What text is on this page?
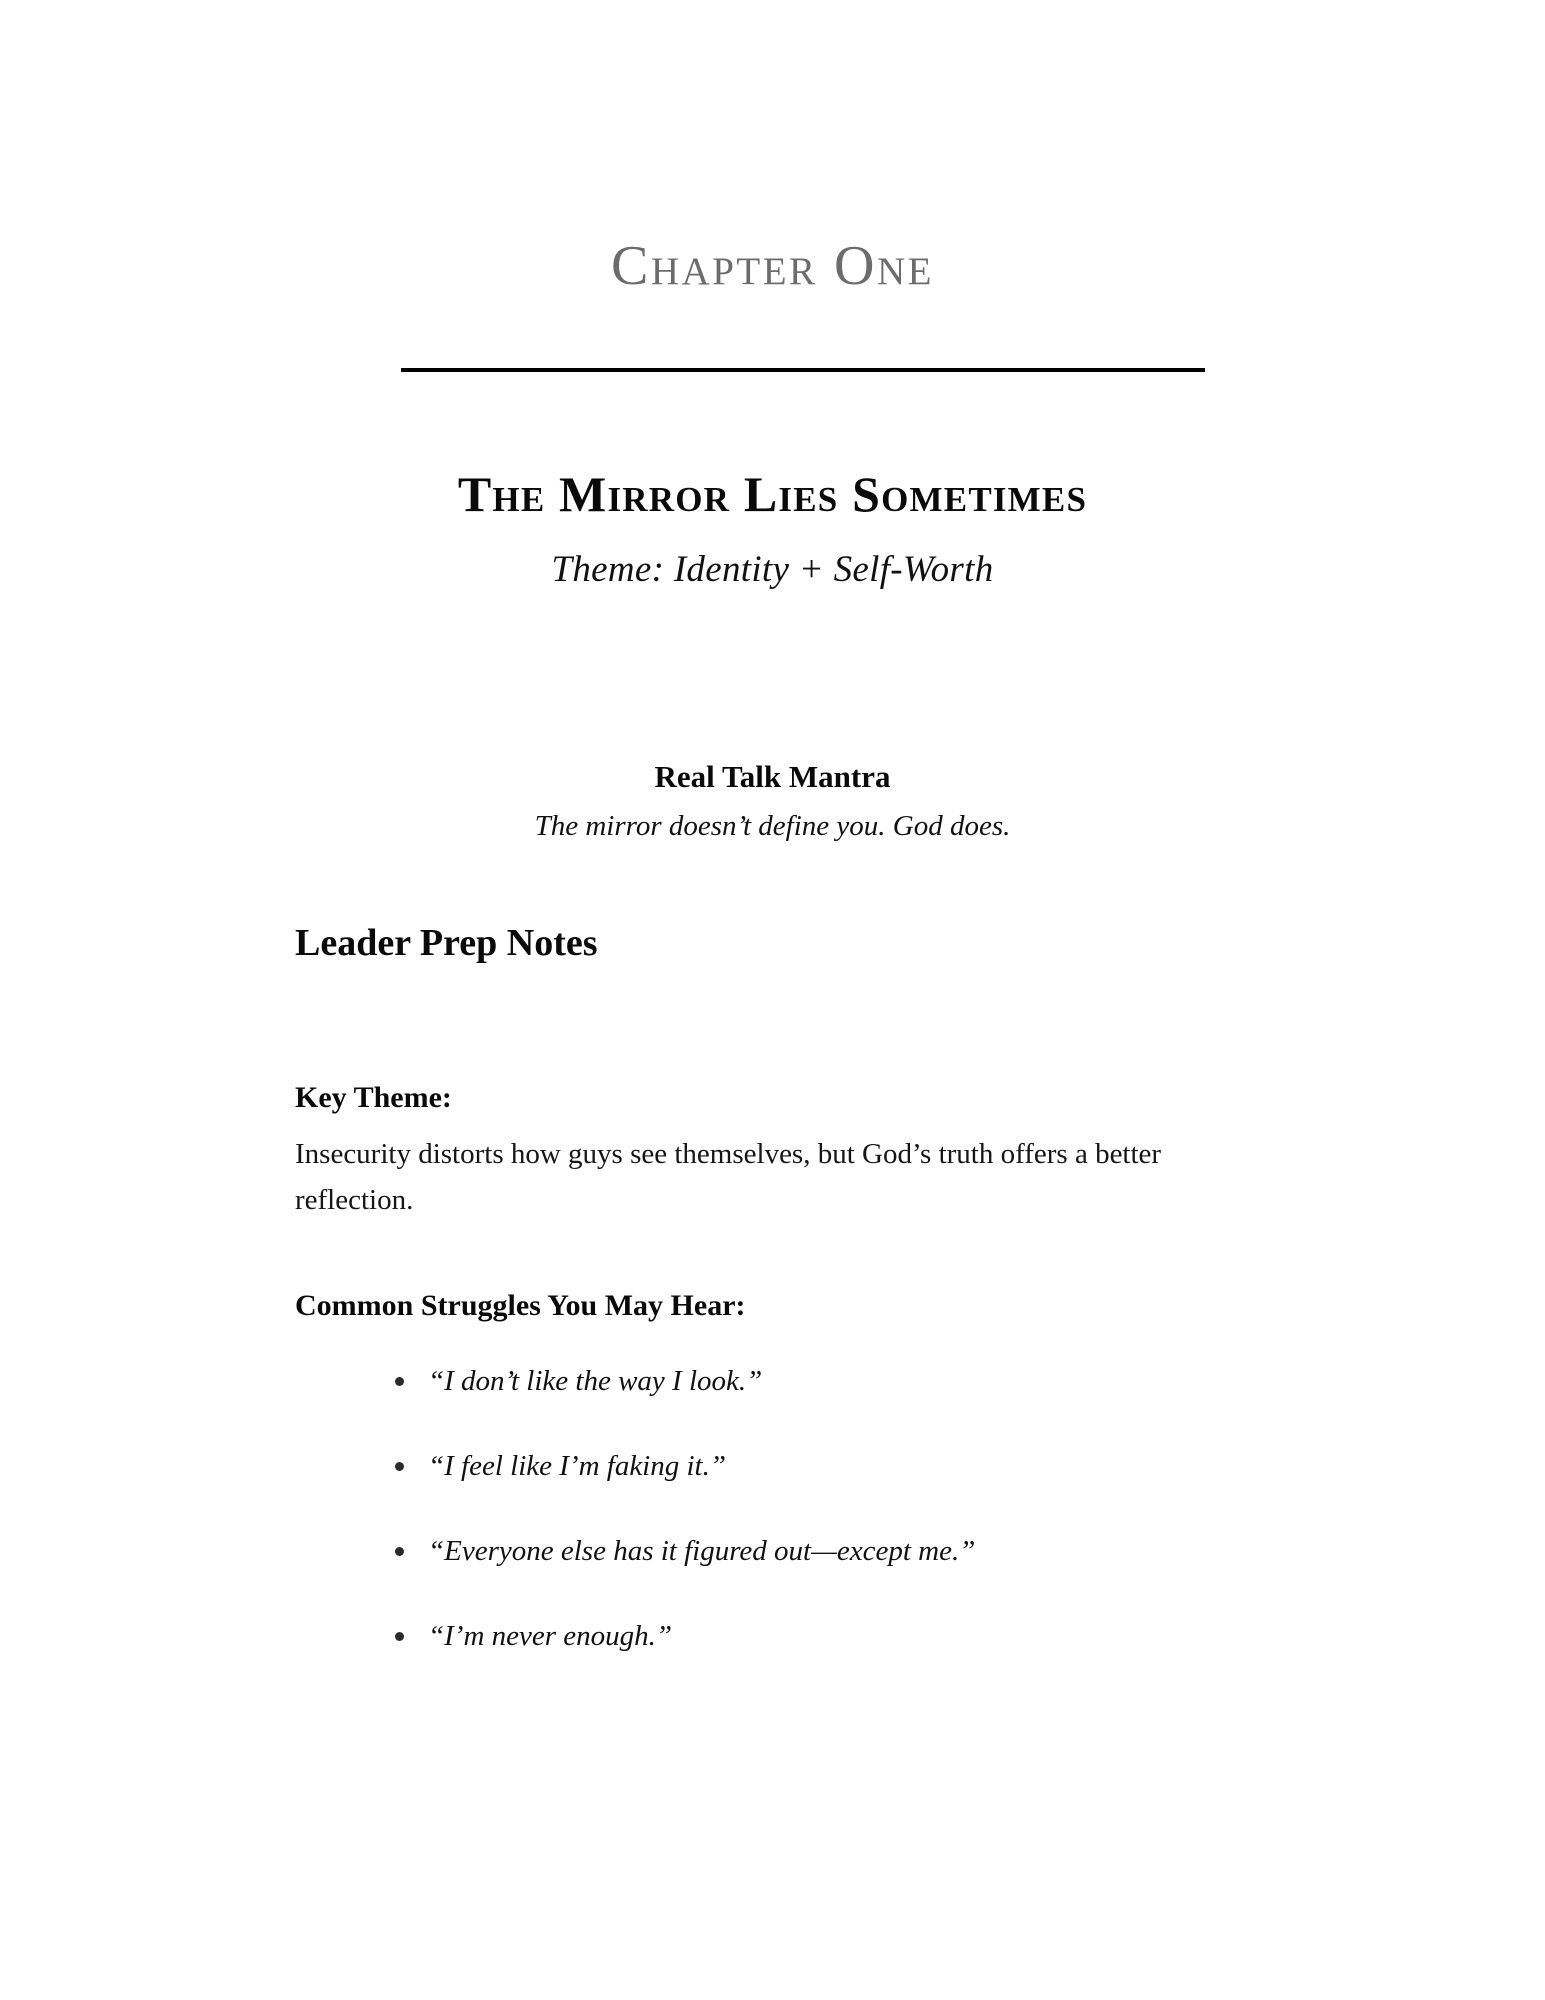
Chapter One
The Mirror Lies Sometimes
Theme: Identity + Self-Worth
Real Talk Mantra
The mirror doesn’t define you. God does.
Leader Prep Notes
Key Theme:

Insecurity distorts how guys see themselves, but God’s truth offers a better reflection.

Common Struggles You May Hear:
“I don’t like the way I look.”
“I feel like I’m faking it.”
“Everyone else has it figured out—except me.”
“I’m never enough.”
